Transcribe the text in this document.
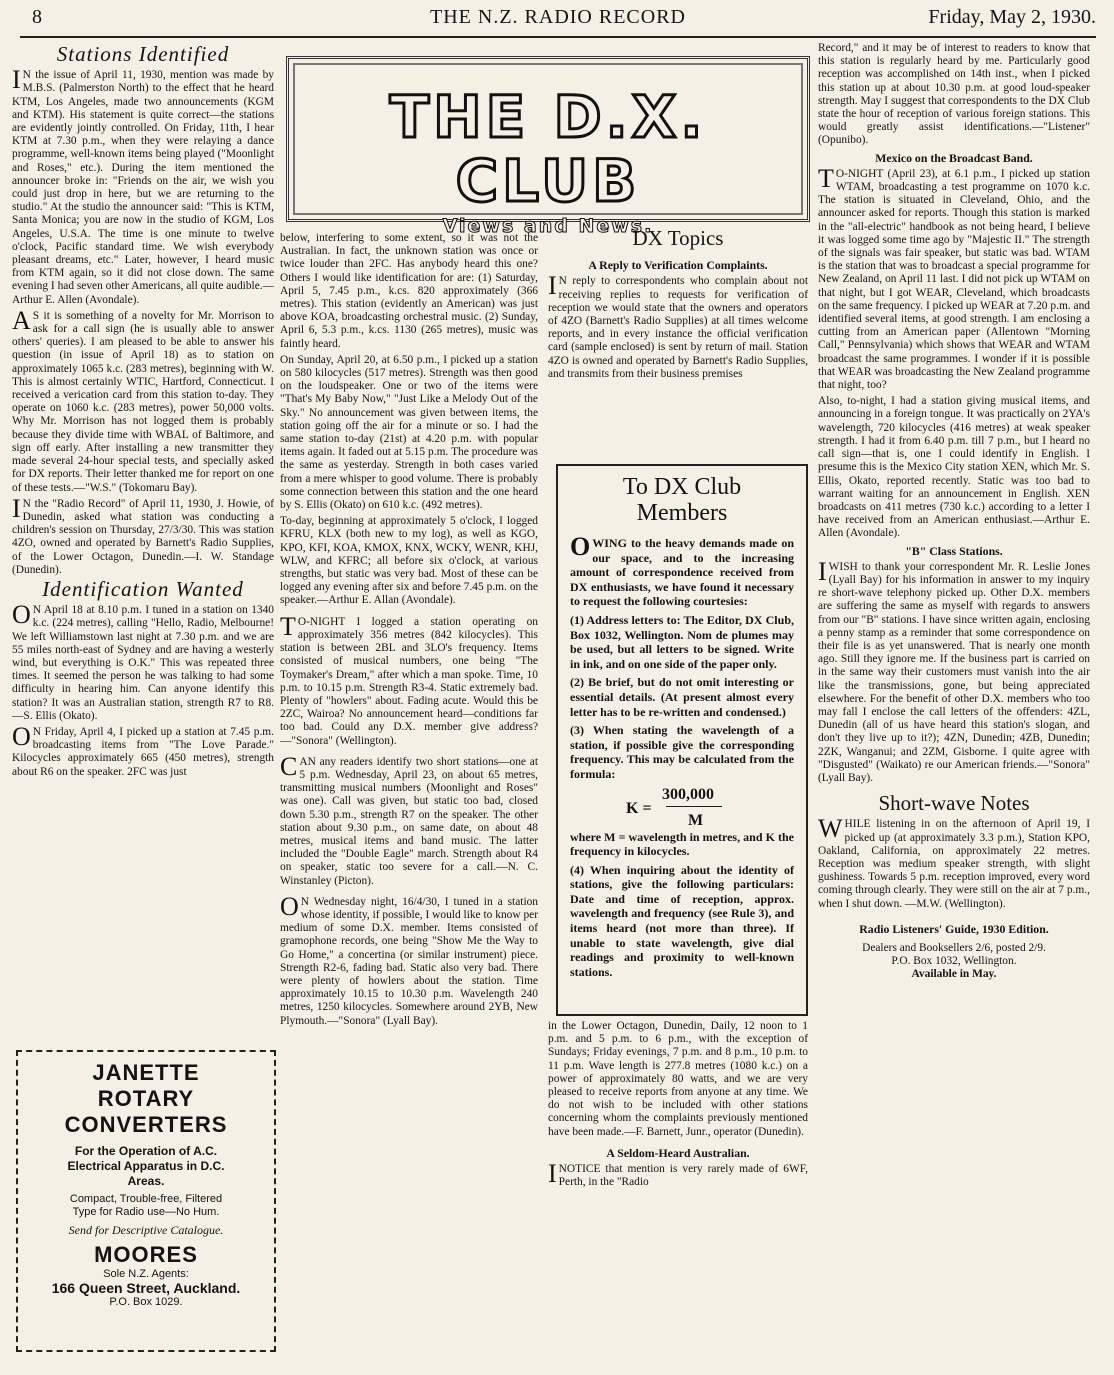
8	THE N.Z. RADIO RECORD	Friday, May 2, 1930.
Stations Identified

IN the issue of April 11, 1930, mention was made by M.B.S. (Palmerston North) to the effect that he heard KTM, Los Angeles, made two announcements (KGM and KTM). His statement is quite correct—the stations are evidently jointly controlled. On Friday, 11th, I hear KTM at 7.30 p.m., when they were relaying a dance programme, well-known items being played ("Moonlight and Roses," etc.). During the item mentioned the announcer broke in: "Friends on the air, we wish you could just drop in here, but we are returning to the studio." At the studio the announcer said: "This is KTM, Santa Monica; you are now in the studio of KGM, Los Angeles, U.S.A. The time is one minute to twelve o'clock, Pacific standard time. We wish everybody pleasant dreams, etc." Later, however, I heard music from KTM again, so it did not close down. The same evening I had seven other Americans, all quite audible.—Arthur E. Allen (Avondale).

AS it is something of a novelty for Mr. Morrison to ask for a call sign (he is usually able to answer others' queries). I am pleased to be able to answer his question (in issue of April 18) as to station on approximately 1065 k.c. (283 metres), beginning with W. This is almost certainly WTIC, Hartford, Connecticut. I received a verication card from this station to-day. They operate on 1060 k.c. (283 metres), power 50,000 volts. Why Mr. Morrison has not logged them is probably because they divide time with WBAL of Baltimore, and sign off early. After installing a new transmitter they made several 24-hour special tests, and specially asked for DX reports. Their letter thanked me for report on one of these tests.—"W.S." (Tokomaru Bay).

IN the "Radio Record" of April 11, 1930, J. Howie, of Dunedin, asked what station was conducting a children's session on Thursday, 27/3/30. This was station 4ZO, owned and operated by Barnett's Radio Supplies, of the Lower Octagon, Dunedin.—I. W. Standage (Dunedin).

Identification Wanted

ON April 18 at 8.10 p.m. I tuned in a station on 1340 k.c. (224 metres), calling "Hello, Radio, Melbourne! We left Williamstown last night at 7.30 p.m. and we are 55 miles north-east of Sydney and are having a westerly wind, but everything is O.K." This was repeated three times. It seemed the person he was talking to had some difficulty in hearing him. Can anyone identify this station? It was an Australian station, strength R7 to R8.—S. Ellis (Okato).

ON Friday, April 4, I picked up a station at 7.45 p.m. broadcasting items from "The Love Parade." Kilocycles approximately 665 (450 metres), strength about R6 on the speaker. 2FC was just

JANETTE
ROTARY
CONVERTERS
For the Operation of A.C.
Electrical Apparatus in D.C.
Areas.
Compact, Trouble-free, Filtered
Type for Radio use—No Hum.
Send for Descriptive Catalogue.
MOORES
Sole N.Z. Agents:
166 Queen Street, Auckland.
P.O. Box 1029.
THE D.X. CLUB
Views and News.

below, interfering to some extent, so it was not the Australian. In fact, the unknown station was once or twice louder than 2FC. Has anybody heard this one? Others I would like identification for are: (1) Saturday, April 5, 7.45 p.m., k.cs. 820 approximately (366 metres). This station (evidently an American) was just above KOA, broadcasting orchestral music. (2) Sunday, April 6, 5.3 p.m., k.cs. 1130 (265 metres), music was faintly heard.

On Sunday, April 20, at 6.50 p.m., I picked up a station on 580 kilocycles (517 metres). Strength was then good on the loudspeaker. One or two of the items were "That's My Baby Now," "Just Like a Melody Out of the Sky." No announcement was given between items, the station going off the air for a minute or so. I had the same station to-day (21st) at 4.20 p.m. with popular items again. It faded out at 5.15 p.m. The procedure was the same as yesterday. Strength in both cases varied from a mere whisper to good volume. There is probably some connection between this station and the one heard by S. Ellis (Okato) on 610 k.c. (492 metres).

To-day, beginning at approximately 5 o'clock, I logged KFRU, KLX (both new to my log), as well as KGO, KPO, KFI, KOA, KMOX, KNX, WCKY, WENR, KHJ, WLW, and KFRC; all before six o'clock, at various strengths, but static was very bad. Most of these can be logged any evening after six and before 7.45 p.m. on the speaker.—Arthur E. Allan (Avondale).

TO-NIGHT I logged a station operating on approximately 356 metres (842 kilocycles). This station is between 2BL and 3LO's frequency. Items consisted of musical numbers, one being "The Toymaker's Dream," after which a man spoke. Time, 10 p.m. to 10.15 p.m. Strength R3-4. Static extremely bad. Plenty of "howlers" about. Fading acute. Would this be 2ZC, Wairoa? No announcement heard—conditions far too bad. Could any D.X. member give address?—"Sonora" (Wellington).

CAN any readers identify two short stations—one at 5 p.m. Wednesday, April 23, on about 65 metres, transmitting musical numbers (Moonlight and Roses" was one). Call was given, but static too bad, closed down 5.30 p.m., strength R7 on the speaker. The other station about 9.30 p.m., on same date, on about 48 metres, musical items and band music. The latter included the "Double Eagle" march. Strength about R4 on speaker, static too severe for a call.—N. C. Winstanley (Picton).

ON Wednesday night, 16/4/30, I tuned in a station whose identity, if possible, I would like to know per medium of some D.X. member. Items consisted of gramophone records, one being "Show Me the Way to Go Home," a concertina (or similar instrument) piece. Strength R2-6, fading bad. Static also very bad. There were plenty of howlers about the station. Time approximately 10.15 to 10.30 p.m. Wavelength 240 metres, 1250 kilocycles. Somewhere around 2YB, New Plymouth.—"Sonora" (Lyall Bay).

DX Topics
A Reply to Verification Complaints.

IN reply to correspondents who complain about not receiving replies to requests for verification of reception we would state that the owners and operators of 4ZO (Barnett's Radio Supplies) at all times welcome reports, and in every instance the official verification card (sample enclosed) is sent by return of mail. Station 4ZO is owned and operated by Barnett's Radio Supplies, and transmits from their business premises

To DX Club
Members

OWING to the heavy demands made on our space, and to the increasing amount of correspondence received from DX enthusiasts, we have found it necessary to request the following courtesies:

(1) Address letters to: The Editor, DX Club, Box 1032, Wellington. Nom de plumes may be used, but all letters to be signed. Write in ink, and on one side of the paper only.

(2) Be brief, but do not omit interesting or essential details. (At present almost every letter has to be re-written and condensed.)

(3) When stating the wavelength of a station, if possible give the corresponding frequency. This may be calculated from the formula:

300,000
K =
M

where M = wavelength in metres, and K the frequency in kilocycles.

(4) When inquiring about the identity of stations, give the following particulars: Date and time of reception, approx. wavelength and frequency (see Rule 3), and items heard (not more than three). If unable to state wavelength, give dial readings and proximity to well-known stations.

in the Lower Octagon, Dunedin, Daily, 12 noon to 1 p.m. and 5 p.m. to 6 p.m., with the exception of Sundays; Friday evenings, 7 p.m. and 8 p.m., 10 p.m. to 11 p.m. Wave length is 277.8 metres (1080 k.c.) on a power of approximately 80 watts, and we are very pleased to receive reports from anyone at any time. We do not wish to be included with other stations concerning whom the complaints previously mentioned have been made.—F. Barnett, Junr., operator (Dunedin).

A Seldom-Heard Australian.

INOTICE that mention is very rarely made of 6WF, Perth, in the "Radio

Record," and it may be of interest to readers to know that this station is regularly heard by me. Particularly good reception was accomplished on 14th inst., when I picked this station up at about 10.30 p.m. at good loud-speaker strength. May I suggest that correspondents to the DX Club state the hour of reception of various foreign stations. This would greatly assist identifications.—"Listener" (Opunibo).

Mexico on the Broadcast Band.

TO-NIGHT (April 23), at 6.1 p.m., I picked up station WTAM, broadcasting a test programme on 1070 k.c. The station is situated in Cleveland, Ohio, and the announcer asked for reports. Though this station is marked in the "all-electric" handbook as not being heard, I believe it was logged some time ago by "Majestic II." The strength of the signals was fair speaker, but static was bad. WTAM is the station that was to broadcast a special programme for New Zealand, on April 11 last. I did not pick up WTAM on that night, but I got WEAR, Cleveland, which broadcasts on the same frequency. I picked up WEAR at 7.20 p.m. and identified several items, at good strength. I am enclosing a cutting from an American paper (Allentown "Morning Call," Pennsylvania) which shows that WEAR and WTAM broadcast the same programmes. I wonder if it is possible that WEAR was broadcasting the New Zealand programme that night, too?

Also, to-night, I had a station giving musical items, and announcing in a foreign tongue. It was practically on 2YA's wavelength, 720 kilocycles (416 metres) at weak speaker strength. I had it from 6.40 p.m. till 7 p.m., but I heard no call sign—that is, one I could identify in English. I presume this is the Mexico City station XEN, which Mr. S. Ellis, Okato, reported recently. Static was too bad to warrant waiting for an announcement in English. XEN broadcasts on 411 metres (730 k.c.) according to a letter I have received from an American enthusiast.—Arthur E. Allen (Avondale).

"B" Class Stations.

IWISH to thank your correspondent Mr. R. Leslie Jones (Lyall Bay) for his information in answer to my inquiry re short-wave telephony picked up. Other D.X. members are suffering the same as myself with regards to answers from our "B" stations. I have since written again, enclosing a penny stamp as a reminder that some correspondence on their file is as yet unanswered. That is nearly one month ago. Still they ignore me. If the business part is carried on in the same way their customers must vanish into the air like the transmissions, gone, but being appreciated elsewhere. For the benefit of other D.X. members who too may fall I enclose the call letters of the offenders: 4ZL, Dunedin (all of us have heard this station's slogan, and don't they live up to it?); 4ZN, Dunedin; 4ZB, Dunedin; 2ZK, Wanganui; and 2ZM, Gisborne. I quite agree with "Disgusted" (Waikato) re our American friends.—"Sonora" (Lyall Bay).

Short-wave Notes

WHILE listening in on the afternoon of April 19, I picked up (at approximately 3.3 p.m.), Station KPO, Oakland, California, on approximately 22 metres. Reception was medium speaker strength, with slight gushiness. Towards 5 p.m. reception improved, every word coming through clearly. They were still on the air at 7 p.m., when I shut down. —M.W. (Wellington).

Radio Listeners' Guide, 1930 Edition.
Dealers and Booksellers 2/6, posted 2/9.
P.O. Box 1032, Wellington.
Available in May.
